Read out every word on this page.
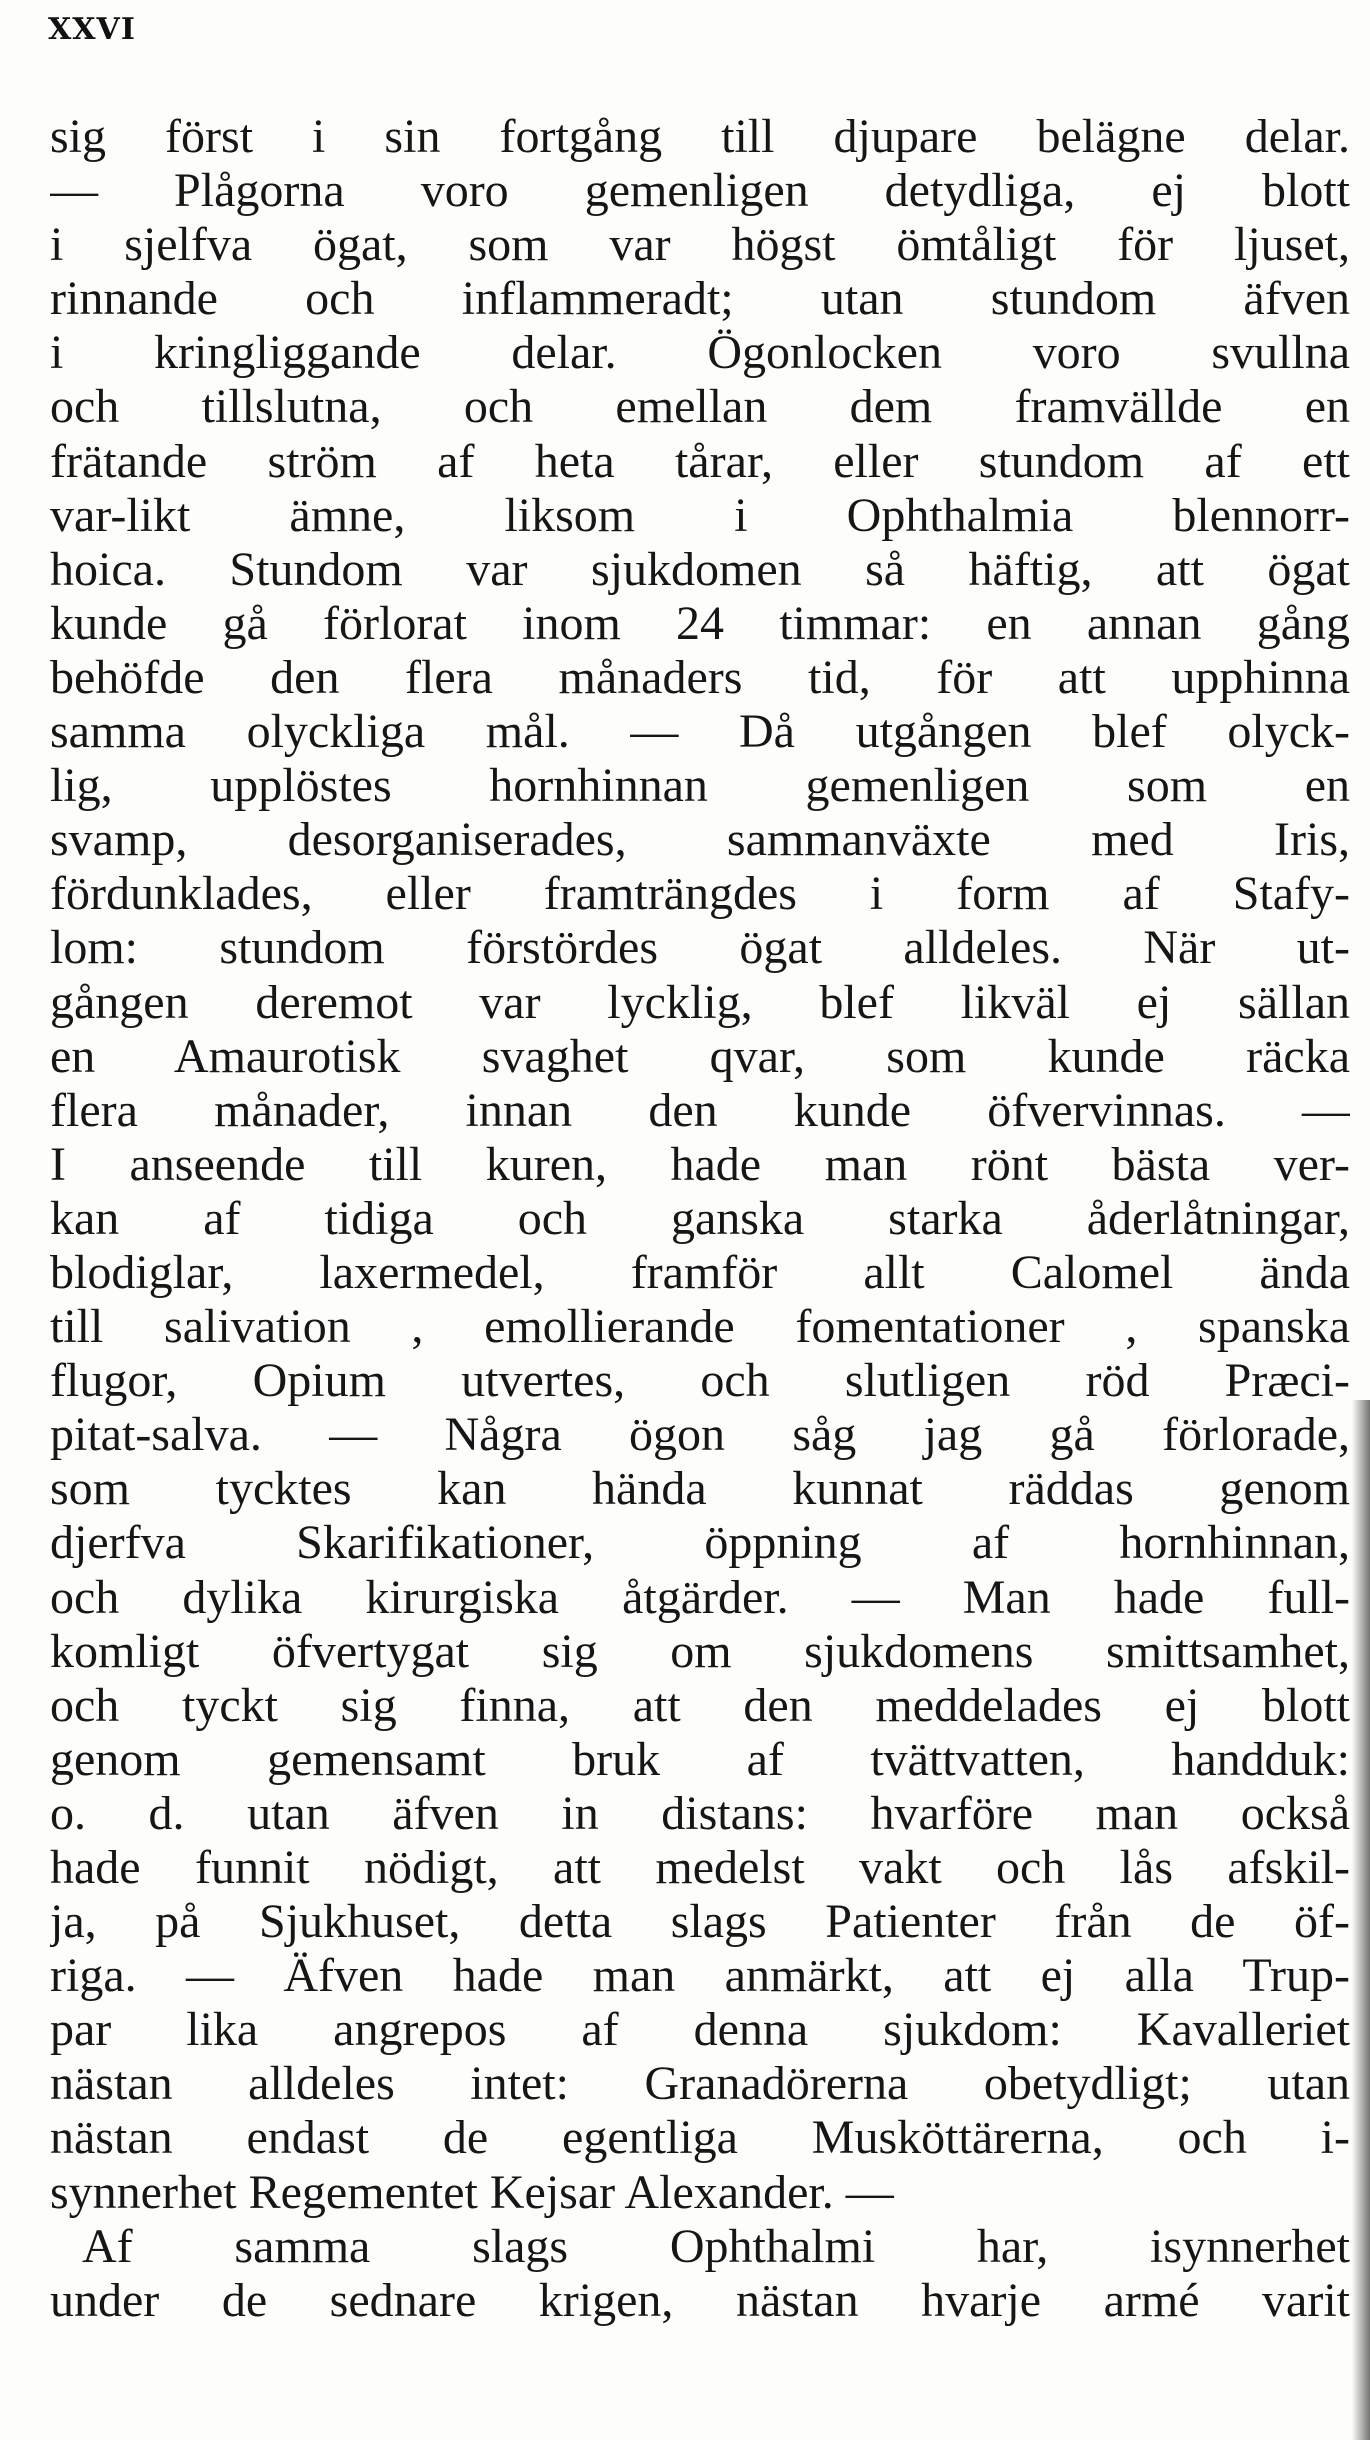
XXVI
sig först i sin fortgång till djupare belägne delar.
— Plågorna voro gemenligen detydliga, ej blott
i sjelfva ögat, som var högst ömtåligt för ljuset,
rinnande och inflammeradt; utan stundom äfven
i kringliggande delar. Ögonlocken voro svullna
och tillslutna, och emellan dem framvällde en
frätande ström af heta tårar, eller stundom af ett
var-likt ämne, liksom i Ophthalmia blennorr-
hoica. Stundom var sjukdomen så häftig, att ögat
kunde gå förlorat inom 24 timmar: en annan gång
behöfde den flera månaders tid, för att upphinna
samma olyckliga mål. — Då utgången blef olyck-
lig, upplöstes hornhinnan gemenligen som en
svamp, desorganiserades, sammanväxte med Iris,
fördunklades, eller framträngdes i form af Stafy-
lom: stundom förstördes ögat alldeles. När ut-
gången deremot var lycklig, blef likväl ej sällan
en Amaurotisk svaghet qvar, som kunde räcka
flera månader, innan den kunde öfvervinnas. —
I anseende till kuren, hade man rönt bästa ver-
kan af tidiga och ganska starka åderlåtningar,
blodiglar, laxermedel, framför allt Calomel ända
till salivation , emollierande fomentationer , spanska
flugor, Opium utvertes, och slutligen röd Præci-
pitat-salva. — Några ögon såg jag gå förlorade,
som tycktes kan hända kunnat räddas genom
djerfva Skarifikationer, öppning af hornhinnan,
och dylika kirurgiska åtgärder. — Man hade full-
komligt öfvertygat sig om sjukdomens smittsamhet,
och tyckt sig finna, att den meddelades ej blott
genom gemensamt bruk af tvättvatten, handduk:
o. d. utan äfven in distans: hvarföre man också
hade funnit nödigt, att medelst vakt och lås afskil-
ja, på Sjukhuset, detta slags Patienter från de öf-
riga. — Äfven hade man anmärkt, att ej alla Trup-
par lika angrepos af denna sjukdom: Kavalleriet
nästan alldeles intet: Granadörerna obetydligt; utan
nästan endast de egentliga Musköttärerna, och i-
synnerhet Regementet Kejsar Alexander. —
Af samma slags Ophthalmi har, isynnerhet
under de sednare krigen, nästan hvarje armé varit
